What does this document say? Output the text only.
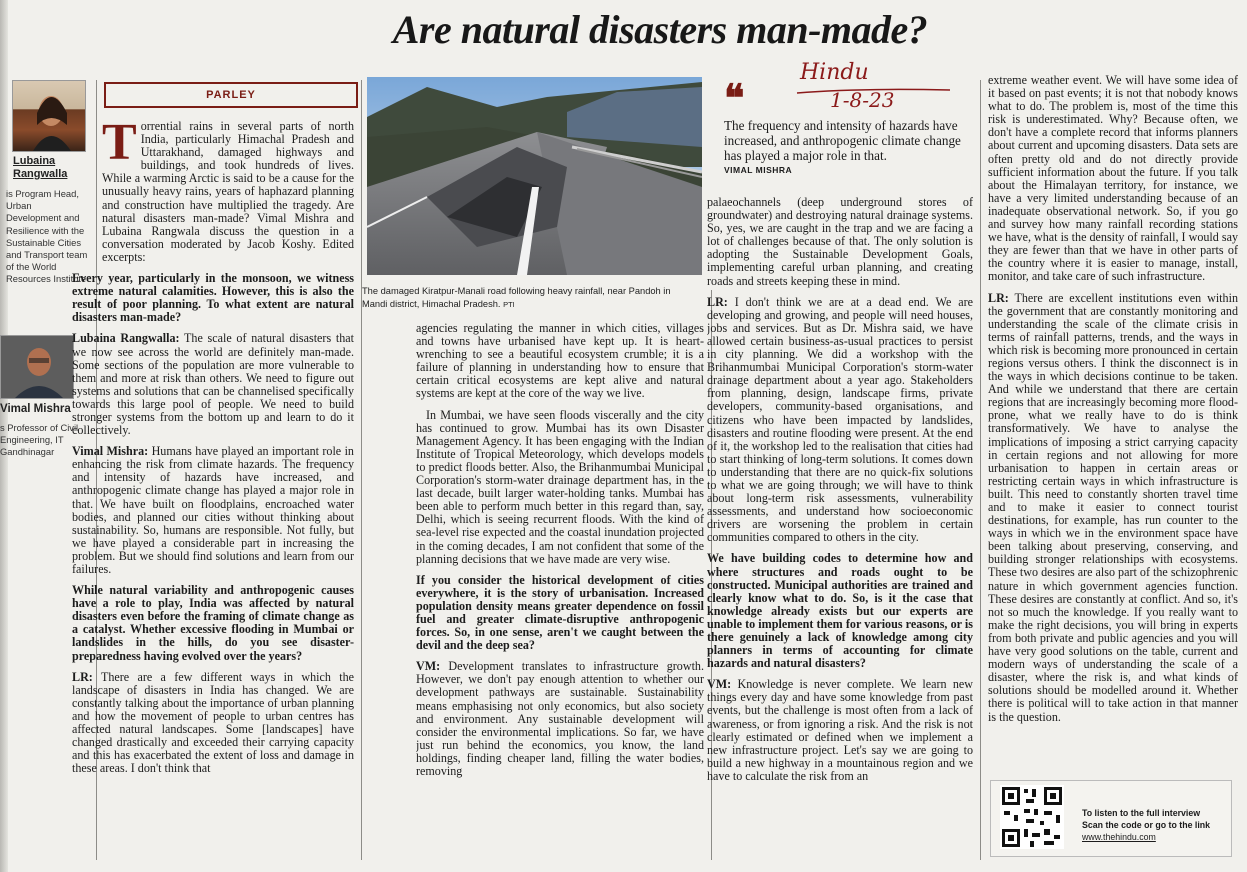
Are natural disasters man-made?
Hindu
1-8-23
Lubaina
Rangwalla
is Program Head, Urban Development and Resilience with the Sustainable Cities and Transport team of the World Resources Institute
Vimal Mishra
s Professor of Civil Engineering, IT Gandhinagar
PARLEY

Torrential rains in several parts of north India, particularly Himachal Pradesh and Uttarakhand, damaged highways and buildings, and took hundreds of lives. While a warming Arctic is said to be a cause for the unusually heavy rains, years of haphazard planning and construction have multiplied the tragedy. Are natural disasters man-made? Vimal Mishra and Lubaina Rangwala discuss the question in a conversation moderated by Jacob Koshy. Edited excerpts:

Every year, particularly in the monsoon, we witness extreme natural calamities. However, this is also the result of poor planning. To what extent are natural disasters man-made?

Lubaina Rangwalla: The scale of natural disasters that we now see across the world are definitely man-made. Some sections of the population are more vulnerable to them and more at risk than others. We need to figure out systems and solutions that can be channelised specifically towards this large pool of people. We need to build stronger systems from the bottom up and learn to do it collectively.

Vimal Mishra: Humans have played an important role in enhancing the risk from climate hazards. The frequency and intensity of hazards have increased, and anthropogenic climate change has played a major role in that. We have built on floodplains, encroached water bodies, and planned our cities without thinking about sustainability. So, humans are responsible. Not fully, but we have played a considerable part in increasing the problem. But we should find solutions and learn from our failures.

While natural variability and anthropogenic causes have a role to play, India was affected by natural disasters even before the framing of climate change as a catalyst. Whether excessive flooding in Mumbai or landslides in the hills, do you see disaster-preparedness having evolved over the years?

LR: There are a few different ways in which the landscape of disasters in India has changed. We are constantly talking about the importance of urban planning and how the movement of people to urban centres has affected natural landscapes. Some [landscapes] have changed drastically and exceeded their carrying capacity and this has exacerbated the extent of loss and damage in these areas. I don't think that

The damaged Kiratpur-Manali road following heavy rainfall, near Pandoh in Mandi district, Himachal Pradesh. PTI

agencies regulating the manner in which cities, villages and towns have urbanised have kept up. It is heart-wrenching to see a beautiful ecosystem crumble; it is a failure of planning in understanding how to ensure that certain critical ecosystems are kept alive and natural systems are kept at the core of the way we live.

In Mumbai, we have seen floods viscerally and the city has continued to grow. Mumbai has its own Disaster Management Agency. It has been engaging with the Indian Institute of Tropical Meteorology, which develops models to predict floods better. Also, the Brihanmumbai Municipal Corporation's storm-water drainage department has, in the last decade, built larger water-holding tanks. Mumbai has been able to perform much better in this regard than, say, Delhi, which is seeing recurrent floods. With the kind of sea-level rise expected and the coastal inundation projected in the coming decades, I am not confident that some of the planning decisions that we have made are very wise.

If you consider the historical development of cities everywhere, it is the story of urbanisation. Increased population density means greater dependence on fossil fuel and greater climate-disruptive anthropogenic forces. So, in one sense, aren't we caught between the devil and the deep sea?

VM: Development translates to infrastructure growth. However, we don't pay enough attention to whether our development pathways are sustainable. Sustainability means emphasising not only economics, but also society and environment. Any sustainable development will consider the environmental implications. So far, we have just run behind the economics, you know, the land holdings, finding cheaper land, filling the water bodies, removing

❝
The frequency and intensity of hazards have increased, and anthropogenic climate change has played a major role in that.
VIMAL MISHRA

palaeochannels (deep underground stores of groundwater) and destroying natural drainage systems. So, yes, we are caught in the trap and we are facing a lot of challenges because of that. The only solution is adopting the Sustainable Development Goals, implementing careful urban planning, and creating roads and streets keeping these in mind.

LR: I don't think we are at a dead end. We are developing and growing, and people will need houses, jobs and services. But as Dr. Mishra said, we have allowed certain business-as-usual practices to persist in city planning. We did a workshop with the Brihanmumbai Municipal Corporation's storm-water drainage department about a year ago. Stakeholders from planning, design, landscape firms, private developers, community-based organisations, and citizens who have been impacted by landslides, disasters and routine flooding were present. At the end of it, the workshop led to the realisation that cities had to start thinking of long-term solutions. It comes down to understanding that there are no quick-fix solutions to what we are going through; we will have to think about long-term risk assessments, vulnerability assessments, and understand how socioeconomic drivers are worsening the problem in certain communities compared to others in the city.

We have building codes to determine how and where structures and roads ought to be constructed. Municipal authorities are trained and clearly know what to do. So, is it the case that knowledge already exists but our experts are unable to implement them for various reasons, or is there genuinely a lack of knowledge among city planners in terms of accounting for climate hazards and natural disasters?

VM: Knowledge is never complete. We learn new things every day and have some knowledge from past events, but the challenge is most often from a lack of awareness, or from ignoring a risk. And the risk is not clearly estimated or defined when we implement a new infrastructure project. Let's say we are going to build a new highway in a mountainous region and we have to calculate the risk from an

extreme weather event. We will have some idea of it based on past events; it is not that nobody knows what to do. The problem is, most of the time this risk is underestimated. Why? Because often, we don't have a complete record that informs planners about current and upcoming disasters. Data sets are often pretty old and do not directly provide sufficient information about the future. If you talk about the Himalayan territory, for instance, we have a very limited understanding because of an inadequate observational network. So, if you go and survey how many rainfall recording stations we have, what is the density of rainfall, I would say they are fewer than that we have in other parts of the country where it is easier to manage, install, monitor, and take care of such infrastructure.

LR: There are excellent institutions even within the government that are constantly monitoring and understanding the scale of the climate crisis in terms of rainfall patterns, trends, and the ways in which risk is becoming more pronounced in certain regions versus others. I think the disconnect is in the ways in which decisions continue to be taken. And while we understand that there are certain regions that are increasingly becoming more flood-prone, what we really have to do is think transformatively. We have to analyse the implications of imposing a strict carrying capacity in certain regions and not allowing for more urbanisation to happen in certain areas or restricting certain ways in which infrastructure is built. This need to constantly shorten travel time and to make it easier to connect tourist destinations, for example, has run counter to the ways in which we in the environment space have been talking about preserving, conserving, and building stronger relationships with ecosystems. These two desires are also part of the schizophrenic nature in which government agencies function. These desires are constantly at conflict. And so, it's not so much the knowledge. If you really want to make the right decisions, you will bring in experts from both private and public agencies and you will have very good solutions on the table, current and modern ways of understanding the scale of a disaster, where the risk is, and what kinds of solutions should be modelled around it. Whether there is political will to take action in that manner is the question.

To listen to the full interview
Scan the code or go to the link
www.thehindu.com
